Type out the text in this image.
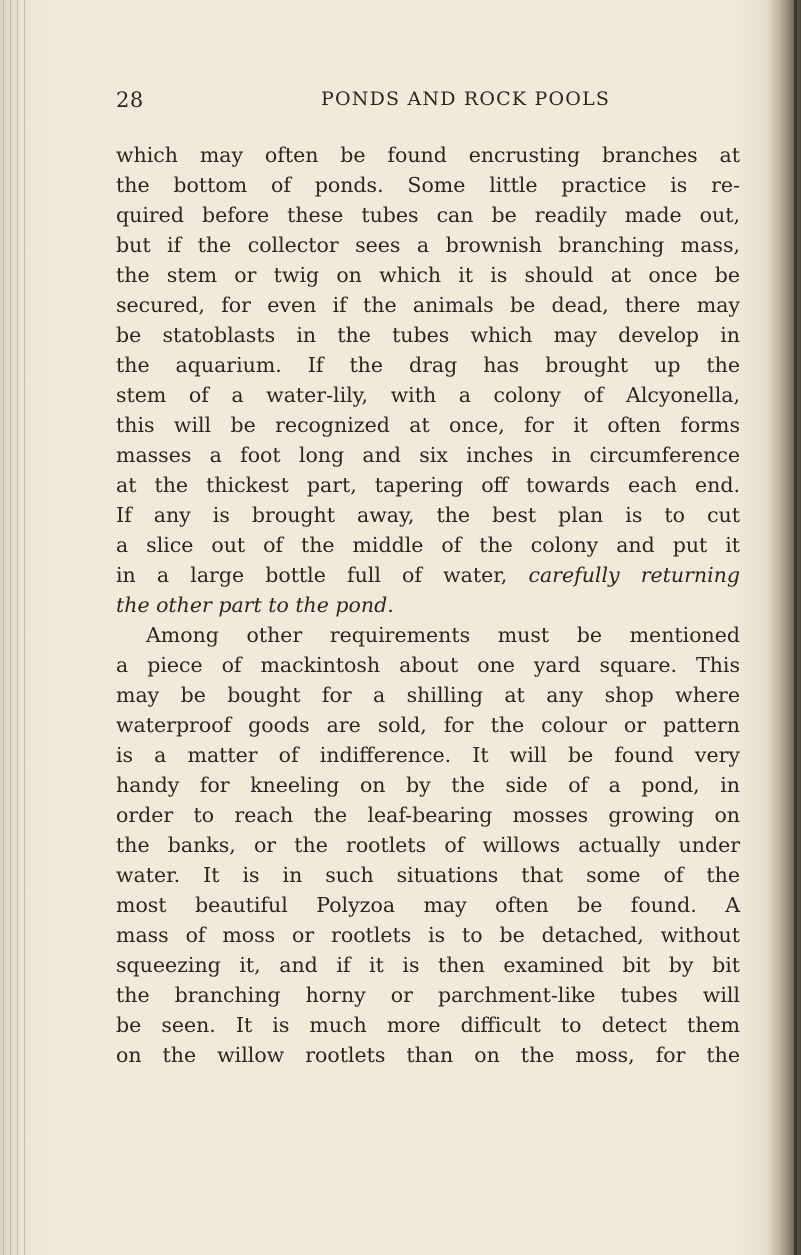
28	PONDS AND ROCK POOLS
which may often be found encrusting branches at
the bottom of ponds. Some little practice is re-
quired before these tubes can be readily made out,
but if the collector sees a brownish branching mass,
the stem or twig on which it is should at once be
secured, for even if the animals be dead, there may
be statoblasts in the tubes which may develop in
the aquarium. If the drag has brought up the
stem of a water-lily, with a colony of Alcyonella,
this will be recognized at once, for it often forms
masses a foot long and six inches in circumference
at the thickest part, tapering off towards each end.
If any is brought away, the best plan is to cut
a slice out of the middle of the colony and put it
in a large bottle full of water, carefully returning
the other part to the pond.
Among other requirements must be mentioned
a piece of mackintosh about one yard square. This
may be bought for a shilling at any shop where
waterproof goods are sold, for the colour or pattern
is a matter of indifference. It will be found very
handy for kneeling on by the side of a pond, in
order to reach the leaf-bearing mosses growing on
the banks, or the rootlets of willows actually under
water. It is in such situations that some of the
most beautiful Polyzoa may often be found. A
mass of moss or rootlets is to be detached, without
squeezing it, and if it is then examined bit by bit
the branching horny or parchment-like tubes will
be seen. It is much more difficult to detect them
on the willow rootlets than on the moss, for the
